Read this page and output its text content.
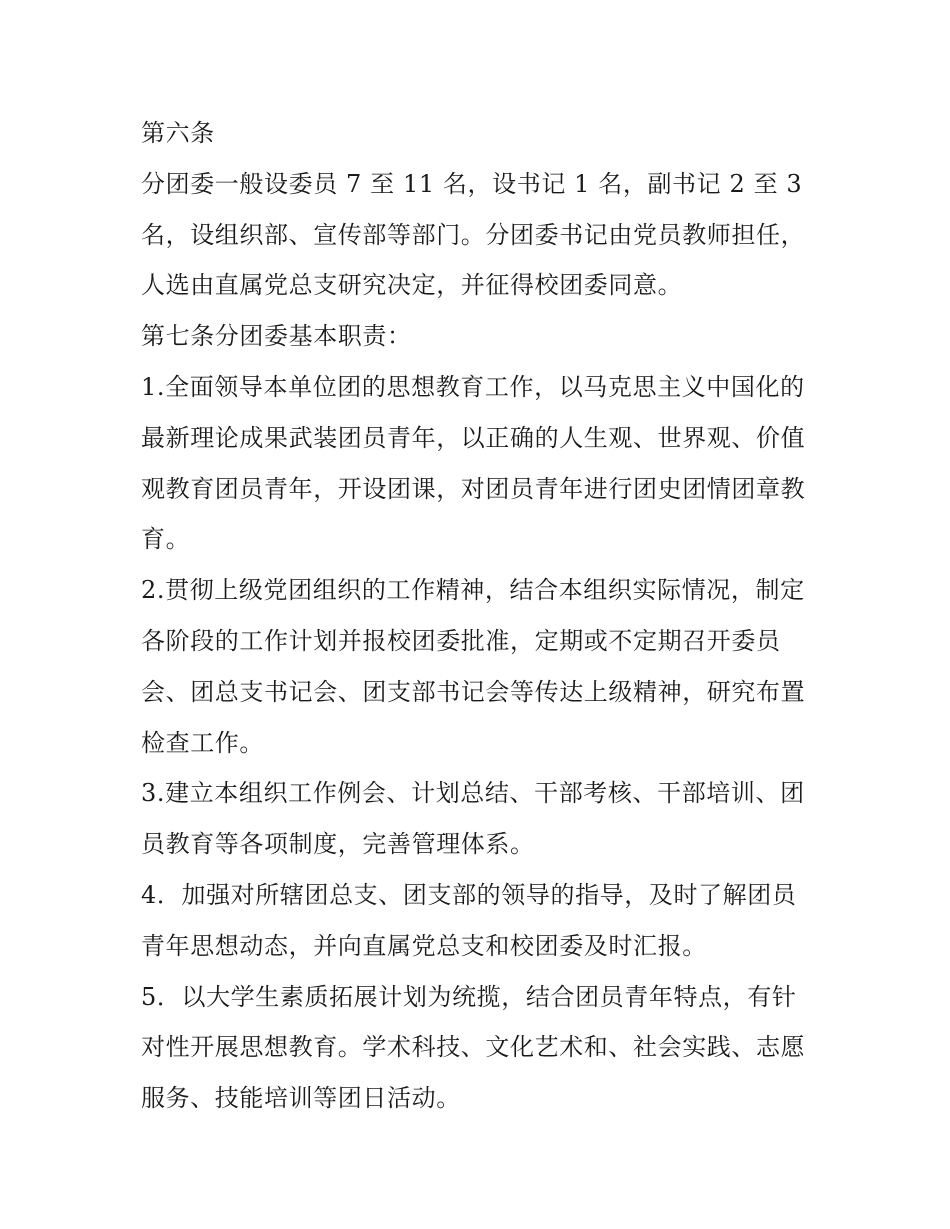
第六条

分团委一般设委员 7 至 11 名，设书记 1 名，副书记 2 至 3 名，设组织部、宣传部等部门。分团委书记由党员教师担任，人选由直属党总支研究决定，并征得校团委同意。

第七条分团委基本职责：

1.全面领导本单位团的思想教育工作，以马克思主义中国化的最新理论成果武装团员青年，以正确的人生观、世界观、价值观教育团员青年，开设团课，对团员青年进行团史团情团章教育。

2.贯彻上级党团组织的工作精神，结合本组织实际情况，制定各阶段的工作计划并报校团委批准，定期或不定期召开委员会、团总支书记会、团支部书记会等传达上级精神，研究布置检查工作。

3.建立本组织工作例会、计划总结、干部考核、干部培训、团员教育等各项制度，完善管理体系。

4．加强对所辖团总支、团支部的领导的指导，及时了解团员青年思想动态，并向直属党总支和校团委及时汇报。

5．以大学生素质拓展计划为统揽，结合团员青年特点，有针对性开展思想教育。学术科技、文化艺术和、社会实践、志愿服务、技能培训等团日活动。
